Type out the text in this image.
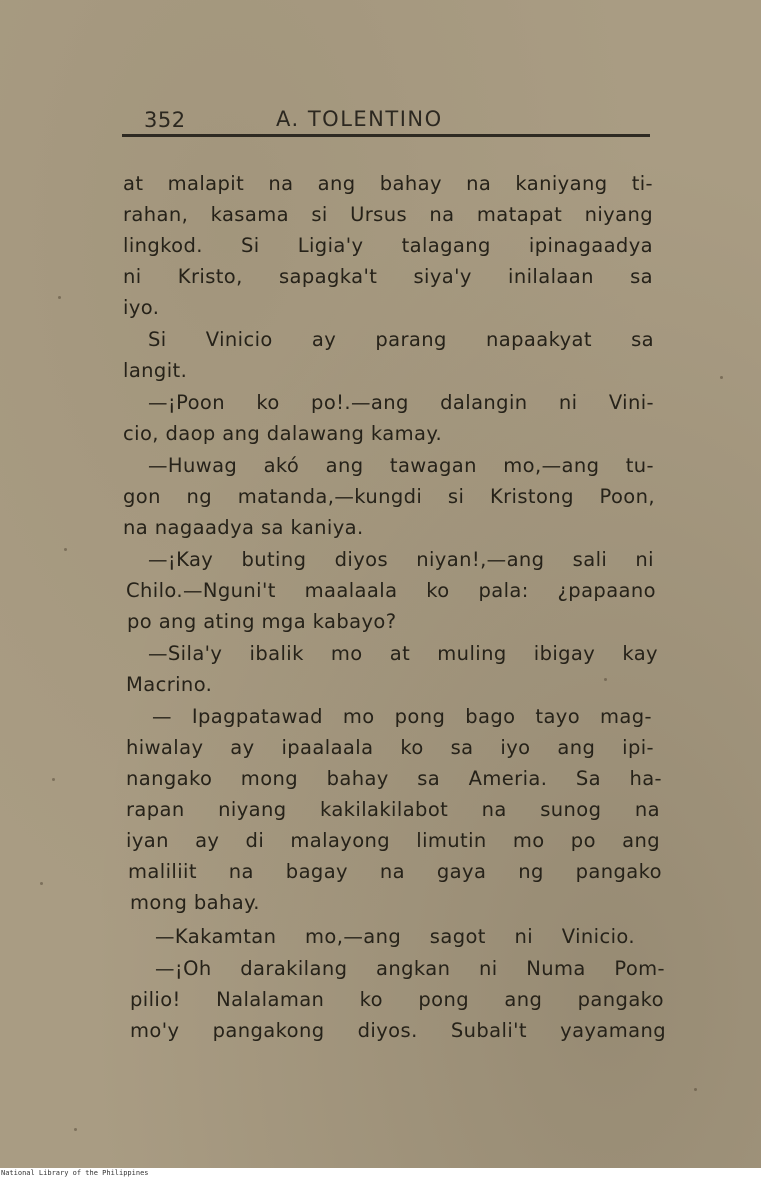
352	A. TOLENTINO
at malapit na ang bahay na kaniyang ti-
rahan, kasama si Ursus na matapat niyang
lingkod. Si Ligia'y talagang ipinagaadya
ni Kristo, sapagka't siya'y inilalaan sa
iyo.
Si Vinicio ay parang napaakyat sa
langit.
—¡Poon ko po!.—ang dalangin ni Vini-
cio, daop ang dalawang kamay.
—Huwag akó ang tawagan mo,—ang tu-
gon ng matanda,—kungdi si Kristong Poon,
na nagaadya sa kaniya.
—¡Kay buting diyos niyan!,—ang sali ni
Chilo.—Nguni't maalaala ko pala: ¿papaano
po ang ating mga kabayo?
—Sila'y ibalik mo at muling ibigay kay
Macrino.
— Ipagpatawad mo pong bago tayo mag-
hiwalay ay ipaalaala ko sa iyo ang ipi-
nangako mong bahay sa Ameria. Sa ha-
rapan niyang kakilakilabot na sunog na
iyan ay di malayong limutin mo po ang
maliliit na bagay na gaya ng pangako
mong bahay.
—Kakamtan mo,—ang sagot ni Vinicio.
—¡Oh darakilang angkan ni Numa Pom-
pilio! Nalalaman ko pong ang pangako
mo'y pangakong diyos. Subali't yayamang
National Library of the Philippines
